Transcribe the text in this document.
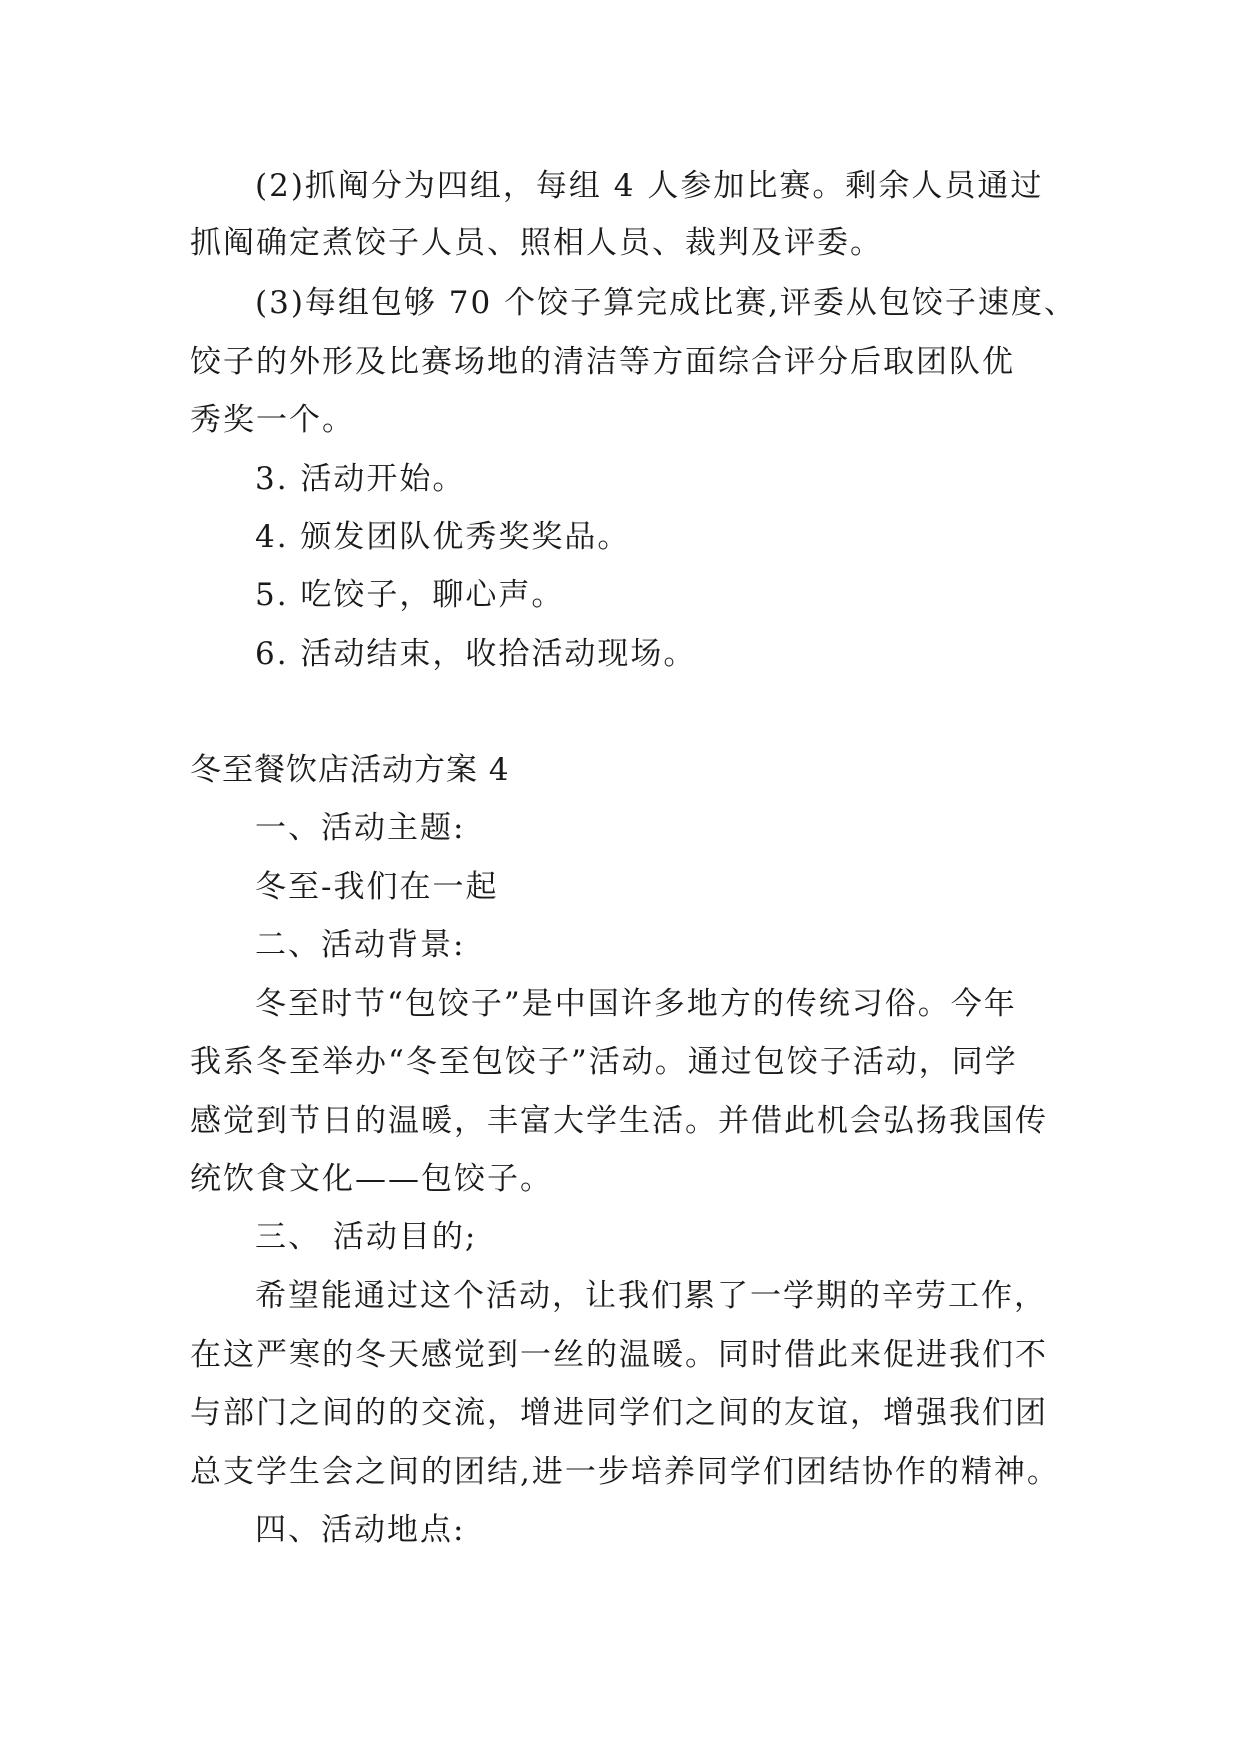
(2)抓阄分为四组，每组 4 人参加比赛。剩余人员通过
抓阄确定煮饺子人员、照相人员、裁判及评委。
(3)每组包够 70 个饺子算完成比赛,评委从包饺子速度、
饺子的外形及比赛场地的清洁等方面综合评分后取团队优
秀奖一个。
3. 活动开始。
4. 颁发团队优秀奖奖品。
5. 吃饺子，聊心声。
6. 活动结束，收拾活动现场。
冬至餐饮店活动方案 4
一、活动主题:
冬至-我们在一起
二、活动背景:
冬至时节“包饺子”是中国许多地方的传统习俗。今年
我系冬至举办“冬至包饺子”活动。通过包饺子活动，同学
感觉到节日的温暖，丰富大学生活。并借此机会弘扬我国传
统饮食文化——包饺子。
三、 活动目的;
希望能通过这个活动，让我们累了一学期的辛劳工作，
在这严寒的冬天感觉到一丝的温暖。同时借此来促进我们不
与部门之间的的交流，增进同学们之间的友谊，增强我们团
总支学生会之间的团结,进一步培养同学们团结协作的精神。
四、活动地点:
